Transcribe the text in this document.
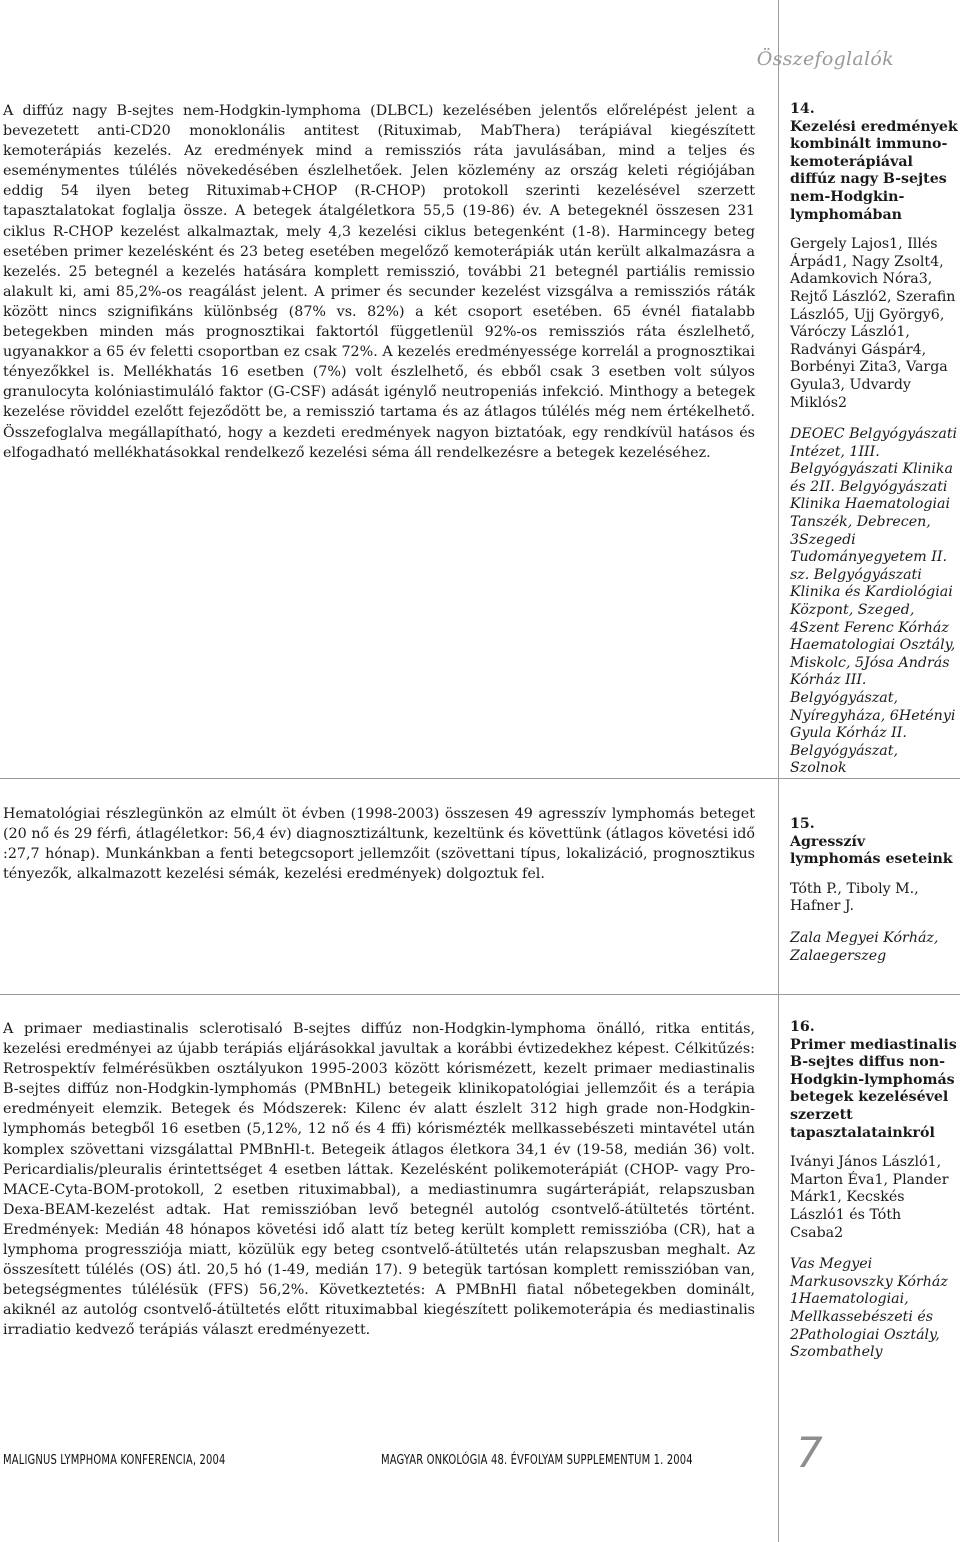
Összefoglalók

A diffúz nagy B-sejtes nem-Hodgkin-lymphoma (DLBCL) kezelésében jelentős előrelépést jelent a bevezetett anti-CD20 monoklonális antitest (Rituximab, MabThera) terápiával kiegészített kemoterápiás kezelés. Az eredmények mind a remissziós ráta javulásában, mind a teljes és eseménymentes túlélés növekedésében észlelhetőek. Jelen közlemény az ország keleti régiójában eddig 54 ilyen beteg Rituximab+CHOP (R-CHOP) protokoll szerinti kezelésével szerzett tapasztalatokat foglalja össze. A betegek átalgéletkora 55,5 (19-86) év. A betegeknél összesen 231 ciklus R-CHOP kezelést alkalmaztak, mely 4,3 kezelési ciklus betegenként (1-8). Harmincegy beteg esetében primer kezelésként és 23 beteg esetében megelőző kemoterápiák után került alkalmazásra a kezelés. 25 betegnél a kezelés hatására komplett remisszió, további 21 betegnél partiális remissio alakult ki, ami 85,2%-os reagálást jelent. A primer és secunder kezelést vizsgálva a remissziós ráták között nincs szignifikáns különbség (87% vs. 82%) a két csoport esetében. 65 évnél fiatalabb betegekben minden más prognosztikai faktortól függetlenül 92%-os remissziós ráta észlelhető, ugyanakkor a 65 év feletti csoportban ez csak 72%. A kezelés eredményessége korrelál a prognosztikai tényezőkkel is. Mellékhatás 16 esetben (7%) volt észlelhető, és ebből csak 3 esetben volt súlyos granulocyta kolóniastimuláló faktor (G-CSF) adását igénylő neutropeniás infekció. Minthogy a betegek kezelése röviddel ezelőtt fejeződött be, a remisszió tartama és az átlagos túlélés még nem értékelhető. Összefoglalva megállapítható, hogy a kezdeti eredmények nagyon biztatóak, egy rendkívül hatásos és elfogadható mellékhatásokkal rendelkező kezelési séma áll rendelkezésre a betegek kezeléséhez.

14.
Kezelési eredmények kombinált immuno-kemoterápiával diffúz nagy B-sejtes nem-Hodgkin-lymphomában
Gergely Lajos1, Illés Árpád1, Nagy Zsolt4, Adamkovich Nóra3, Rejtő László2, Szerafin László5, Ujj György6, Váróczy László1, Radványi Gáspár4, Borbényi Zita3, Varga Gyula3, Udvardy Miklós2
DEOEC Belgyógyászati Intézet, 1III. Belgyógyászati Klinika és 2II. Belgyógyászati Klinika Haematologiai Tanszék, Debrecen, 3Szegedi Tudományegyetem II. sz. Belgyógyászati Klinika és Kardiológiai Központ, Szeged, 4Szent Ferenc Kórház Haematologiai Osztály, Miskolc, 5Jósa András Kórház III. Belgyógyászat, Nyíregyháza, 6Hetényi Gyula Kórház II. Belgyógyászat, Szolnok

Hematológiai részlegünkön az elmúlt öt évben (1998-2003) összesen 49 agresszív lymphomás beteget (20 nő és 29 férfi, átlagéletkor: 56,4 év) diagnosztizáltunk, kezeltünk és követtünk (átlagos követési idő :27,7 hónap). Munkánkban a fenti betegcsoport jellemzőit (szövettani típus, lokalizáció, prognosztikus tényezők, alkalmazott kezelési sémák, kezelési eredmények) dolgoztuk fel.

15.
Agresszív lymphomás eseteink
Tóth P., Tiboly M., Hafner J.
Zala Megyei Kórház, Zalaegerszeg

A primaer mediastinalis sclerotisaló B-sejtes diffúz non-Hodgkin-lymphoma önálló, ritka entitás, kezelési eredményei az újabb terápiás eljárásokkal javultak a korábbi évtizedekhez képest. Célkitűzés: Retrospektív felmérésükben osztályukon 1995-2003 között kórismézett, kezelt primaer mediastinalis B-sejtes diffúz non-Hodgkin-lymphomás (PMBnHL) betegeik klinikopatológiai jellemzőit és a terápia eredményeit elemzik. Betegek és Módszerek: Kilenc év alatt észlelt 312 high grade non-Hodgkin-lymphomás betegből 16 esetben (5,12%, 12 nő és 4 ffi) kórismézték mellkassebészeti mintavétel után komplex szövettani vizsgálattal PMBnHl-t. Betegeik átlagos életkora 34,1 év (19-58, medián 36) volt. Pericardialis/pleuralis érintettséget 4 esetben láttak. Kezelésként polikemoterápiát (CHOP- vagy Pro-MACE-Cyta-BOM-protokoll, 2 esetben rituximabbal), a mediastinumra sugárterápiát, relapszusban Dexa-BEAM-kezelést adtak. Hat remisszióban levő betegnél autológ csontvelő-átültetés történt. Eredmények: Medián 48 hónapos követési idő alatt tíz beteg került komplett remisszióba (CR), hat a lymphoma progressziója miatt, közülük egy beteg csontvelő-átültetés után relapszusban meghalt. Az összesített túlélés (OS) átl. 20,5 hó (1-49, medián 17). 9 betegük tartósan komplett remisszióban van, betegségmentes túlélésük (FFS) 56,2%. Következtetés: A PMBnHl fiatal nőbetegekben dominált, akiknél az autológ csontvelő-átültetés előtt rituximabbal kiegészített polikemoterápia és mediastinalis irradiatio kedvező terápiás választ eredményezett.

16.
Primer mediastinalis B-sejtes diffus non-Hodgkin-lymphomás betegek kezelésével szerzett tapasztalatainkról
Iványi János László1, Marton Éva1, Plander Márk1, Kecskés László1 és Tóth Csaba2
Vas Megyei Markusovszky Kórház 1Haematologiai, Mellkassebészeti és 2Pathologiai Osztály, Szombathely
MALIGNUS LYMPHOMA KONFERENCIA, 2004	MAGYAR ONKOLÓGIA 48. ÉVFOLYAM SUPPLEMENTUM 1. 2004 7
